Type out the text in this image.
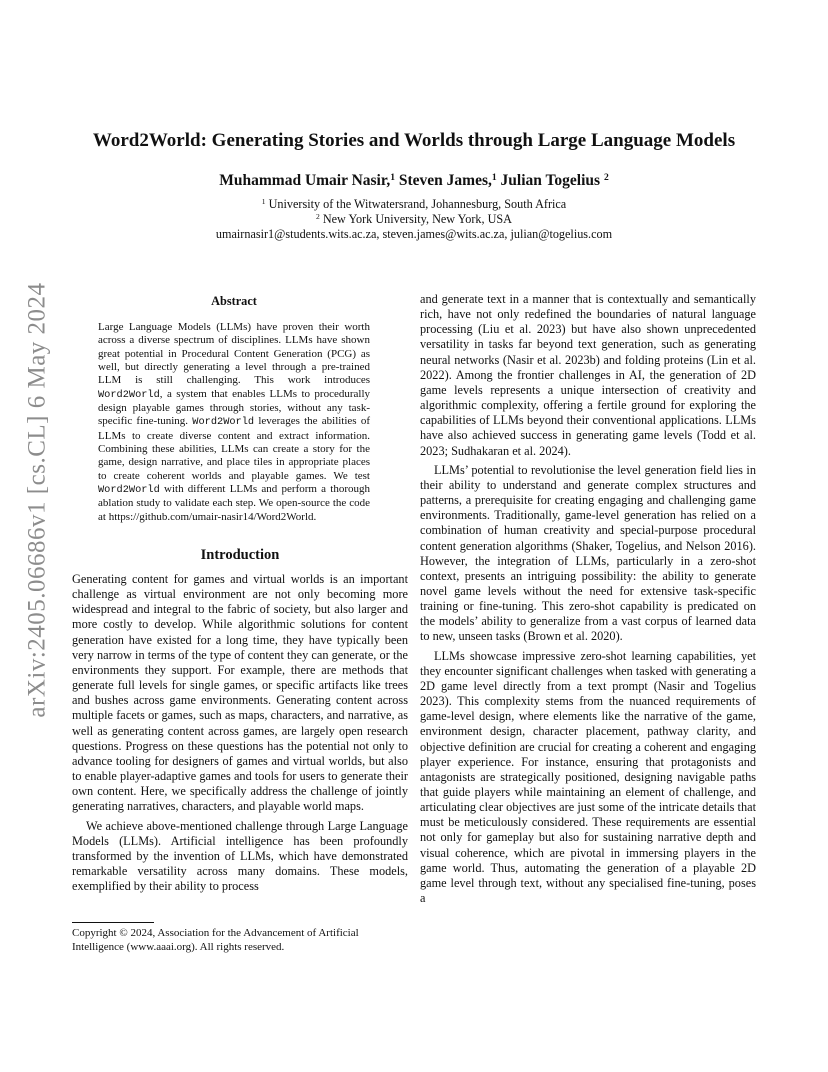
arXiv:2405.06686v1 [cs.CL] 6 May 2024
Word2World: Generating Stories and Worlds through Large Language Models
Muhammad Umair Nasir,$^1$ Steven James,$^1$ Julian Togelius $^2$
$^1$ University of the Witwatersrand, Johannesburg, South Africa
$^2$ New York University, New York, USA
umairnasir1@students.wits.ac.za, steven.james@wits.ac.za, julian@togelius.com
Abstract
Large Language Models (LLMs) have proven their worth across a diverse spectrum of disciplines. LLMs have shown great potential in Procedural Content Generation (PCG) as well, but directly generating a level through a pre-trained LLM is still challenging. This work introduces Word2World, a system that enables LLMs to procedurally design playable games through stories, without any task-specific fine-tuning. Word2World leverages the abilities of LLMs to create diverse content and extract information. Combining these abilities, LLMs can create a story for the game, design narrative, and place tiles in appropriate places to create coherent worlds and playable games. We test Word2World with different LLMs and perform a thorough ablation study to validate each step. We open-source the code at https://github.com/umair-nasir14/Word2World.
Introduction

Generating content for games and virtual worlds is an important challenge as virtual environment are not only becoming more widespread and integral to the fabric of society, but also larger and more costly to develop. While algorithmic solutions for content generation have existed for a long time, they have typically been very narrow in terms of the type of content they can generate, or the environments they support. For example, there are methods that generate full levels for single games, or specific artifacts like trees and bushes across game environments. Generating content across multiple facets or games, such as maps, characters, and narrative, as well as generating content across games, are largely open research questions. Progress on these questions has the potential not only to advance tooling for designers of games and virtual worlds, but also to enable player-adaptive games and tools for users to generate their own content. Here, we specifically address the challenge of jointly generating narratives, characters, and playable world maps.

We achieve above-mentioned challenge through Large Language Models (LLMs). Artificial intelligence has been profoundly transformed by the invention of LLMs, which have demonstrated remarkable versatility across many domains. These models, exemplified by their ability to process

Copyright © 2024, Association for the Advancement of Artificial Intelligence (www.aaai.org). All rights reserved.

and generate text in a manner that is contextually and semantically rich, have not only redefined the boundaries of natural language processing (Liu et al. 2023) but have also shown unprecedented versatility in tasks far beyond text generation, such as generating neural networks (Nasir et al. 2023b) and folding proteins (Lin et al. 2022). Among the frontier challenges in AI, the generation of 2D game levels represents a unique intersection of creativity and algorithmic complexity, offering a fertile ground for exploring the capabilities of LLMs beyond their conventional applications. LLMs have also achieved success in generating game levels (Todd et al. 2023; Sudhakaran et al. 2024).

LLMs’ potential to revolutionise the level generation field lies in their ability to understand and generate complex structures and patterns, a prerequisite for creating engaging and challenging game environments. Traditionally, game-level generation has relied on a combination of human creativity and special-purpose procedural content generation algorithms (Shaker, Togelius, and Nelson 2016). However, the integration of LLMs, particularly in a zero-shot context, presents an intriguing possibility: the ability to generate novel game levels without the need for extensive task-specific training or fine-tuning. This zero-shot capability is predicated on the models’ ability to generalize from a vast corpus of learned data to new, unseen tasks (Brown et al. 2020).

LLMs showcase impressive zero-shot learning capabilities, yet they encounter significant challenges when tasked with generating a 2D game level directly from a text prompt (Nasir and Togelius 2023). This complexity stems from the nuanced requirements of game-level design, where elements like the narrative of the game, environment design, character placement, pathway clarity, and objective definition are crucial for creating a coherent and engaging player experience. For instance, ensuring that protagonists and antagonists are strategically positioned, designing navigable paths that guide players while maintaining an element of challenge, and articulating clear objectives are just some of the intricate details that must be meticulously considered. These requirements are essential not only for gameplay but also for sustaining narrative depth and visual coherence, which are pivotal in immersing players in the game world. Thus, automating the generation of a playable 2D game level through text, without any specialised fine-tuning, poses a
